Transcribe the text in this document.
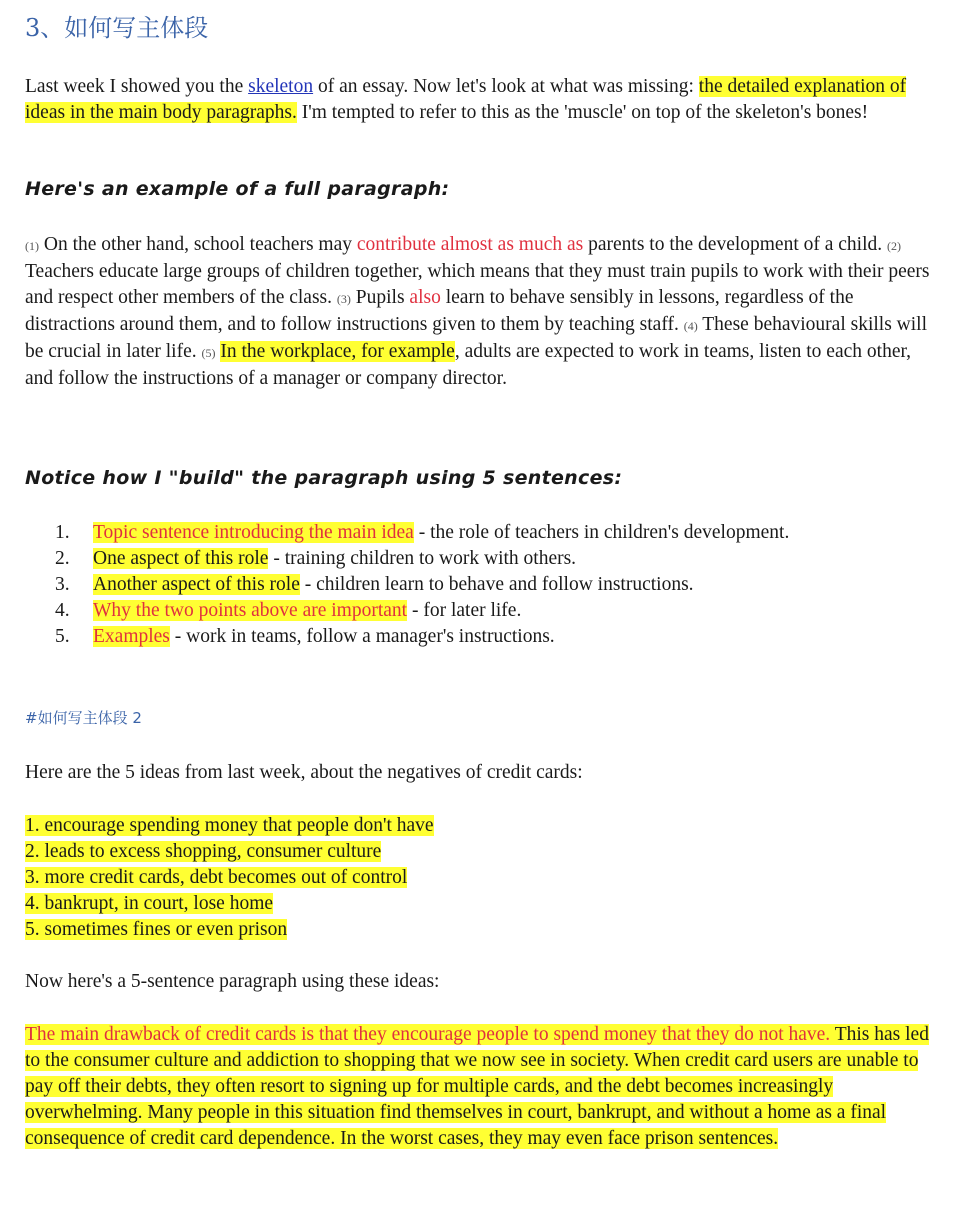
3、如何写主体段
Last week I showed you the skeleton of an essay. Now let's look at what was missing: the detailed explanation of ideas in the main body paragraphs. I'm tempted to refer to this as the 'muscle' on top of the skeleton's bones!
Here's an example of a full paragraph:
(1) On the other hand, school teachers may contribute almost as much as parents to the development of a child. (2) Teachers educate large groups of children together, which means that they must train pupils to work with their peers and respect other members of the class. (3) Pupils also learn to behave sensibly in lessons, regardless of the distractions around them, and to follow instructions given to them by teaching staff. (4) These behavioural skills will be crucial in later life. (5) In the workplace, for example, adults are expected to work in teams, listen to each other, and follow the instructions of a manager or company director.
Notice how I "build" the paragraph using 5 sentences:
1.	Topic sentence introducing the main idea - the role of teachers in children's development.
2.	One aspect of this role - training children to work with others.
3.	Another aspect of this role - children learn to behave and follow instructions.
4.	Why the two points above are important - for later life.
5.	Examples - work in teams, follow a manager's instructions.
#如何写主体段 2
Here are the 5 ideas from last week, about the negatives of credit cards:
1. encourage spending money that people don't have
2. leads to excess shopping, consumer culture
3. more credit cards, debt becomes out of control
4. bankrupt, in court, lose home
5. sometimes fines or even prison
Now here's a 5-sentence paragraph using these ideas:
The main drawback of credit cards is that they encourage people to spend money that they do not have. This has led to the consumer culture and addiction to shopping that we now see in society. When credit card users are unable to pay off their debts, they often resort to signing up for multiple cards, and the debt becomes increasingly overwhelming. Many people in this situation find themselves in court, bankrupt, and without a home as a final consequence of credit card dependence. In the worst cases, they may even face prison sentences.
